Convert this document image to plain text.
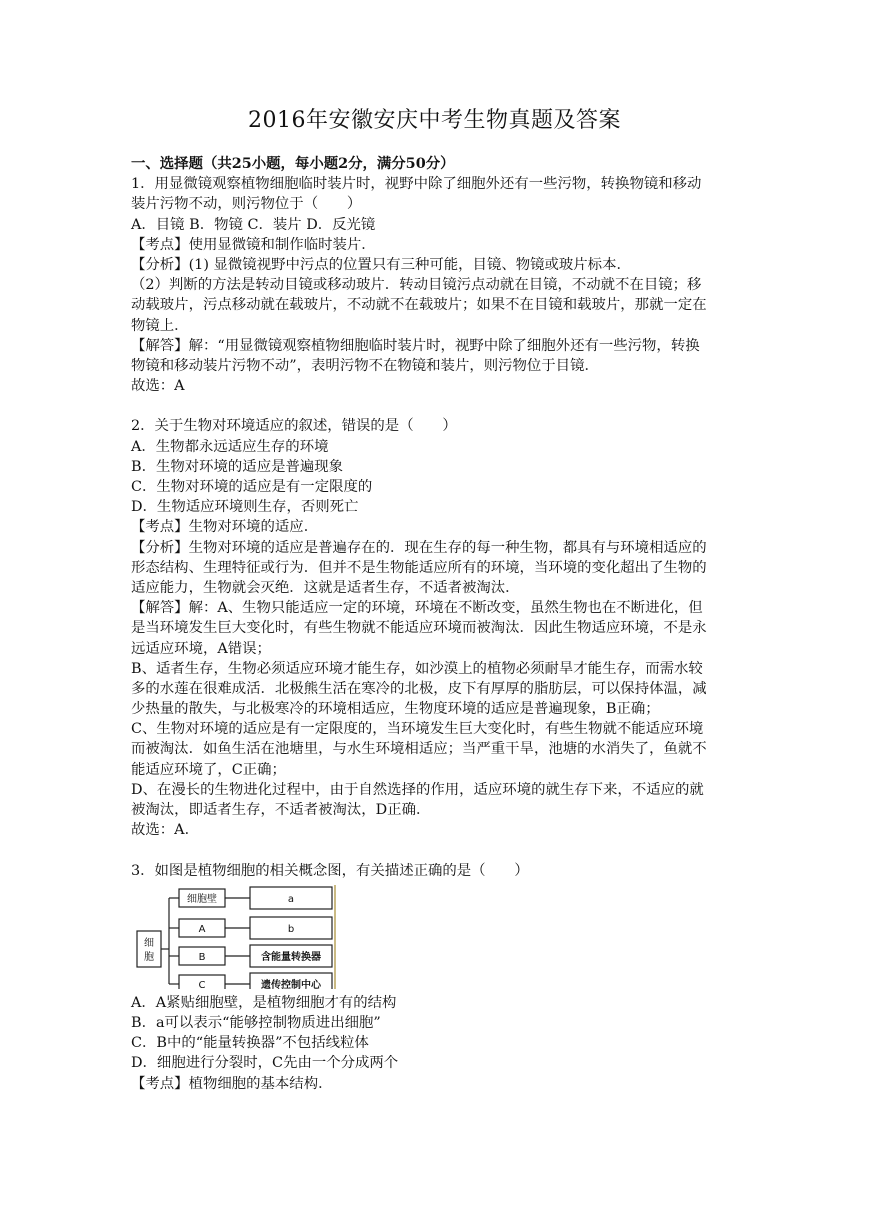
2016年安徽安庆中考生物真题及答案
一、选择题（共25小题，每小题2分，满分50分）
1．用显微镜观察植物细胞临时装片时，视野中除了细胞外还有一些污物，转换物镜和移动
装片污物不动，则污物位于（　　）
A．目镜 B．物镜 C．装片 D．反光镜
【考点】使用显微镜和制作临时装片．
【分析】(1) 显微镜视野中污点的位置只有三种可能，目镜、物镜或玻片标本．
（2）判断的方法是转动目镜或移动玻片．转动目镜污点动就在目镜，不动就不在目镜；移
动载玻片，污点移动就在载玻片，不动就不在载玻片；如果不在目镜和载玻片，那就一定在
物镜上．
【解答】解：“用显微镜观察植物细胞临时装片时，视野中除了细胞外还有一些污物，转换
物镜和移动装片污物不动”，表明污物不在物镜和装片，则污物位于目镜．
故选：A
2．关于生物对环境适应的叙述，错误的是（　　）
A．生物都永远适应生存的环境
B．生物对环境的适应是普遍现象
C．生物对环境的适应是有一定限度的
D．生物适应环境则生存，否则死亡
【考点】生物对环境的适应．
【分析】生物对环境的适应是普遍存在的．现在生存的每一种生物，都具有与环境相适应的
形态结构、生理特征或行为．但并不是生物能适应所有的环境，当环境的变化超出了生物的
适应能力，生物就会灭绝．这就是适者生存，不适者被淘汰．
【解答】解：A、生物只能适应一定的环境，环境在不断改变，虽然生物也在不断进化，但
是当环境发生巨大变化时，有些生物就不能适应环境而被淘汰．因此生物适应环境，不是永
远适应环境，A错误；
B、适者生存，生物必须适应环境才能生存，如沙漠上的植物必须耐旱才能生存，而需水较
多的水莲在很难成活．北极熊生活在寒冷的北极，皮下有厚厚的脂肪层，可以保持体温，减
少热量的散失，与北极寒冷的环境相适应，生物度环境的适应是普遍现象，B正确；
C、生物对环境的适应是有一定限度的，当环境发生巨大变化时，有些生物就不能适应环境
而被淘汰．如鱼生活在池塘里，与水生环境相适应；当严重干旱，池塘的水消失了，鱼就不
能适应环境了，C正确；
D、在漫长的生物进化过程中，由于自然选择的作用，适应环境的就生存下来，不适应的就
被淘汰，即适者生存，不适者被淘汰，D正确．
故选：A．
3．如图是植物细胞的相关概念图，有关描述正确的是（　　）
细
胞
细胞壁
A
B
C
a
b
含能量转换器
遗传控制中心
A．A紧贴细胞壁，是植物细胞才有的结构
B．a可以表示“能够控制物质进出细胞”
C．B中的“能量转换器”不包括线粒体
D．细胞进行分裂时，C先由一个分成两个
【考点】植物细胞的基本结构．
